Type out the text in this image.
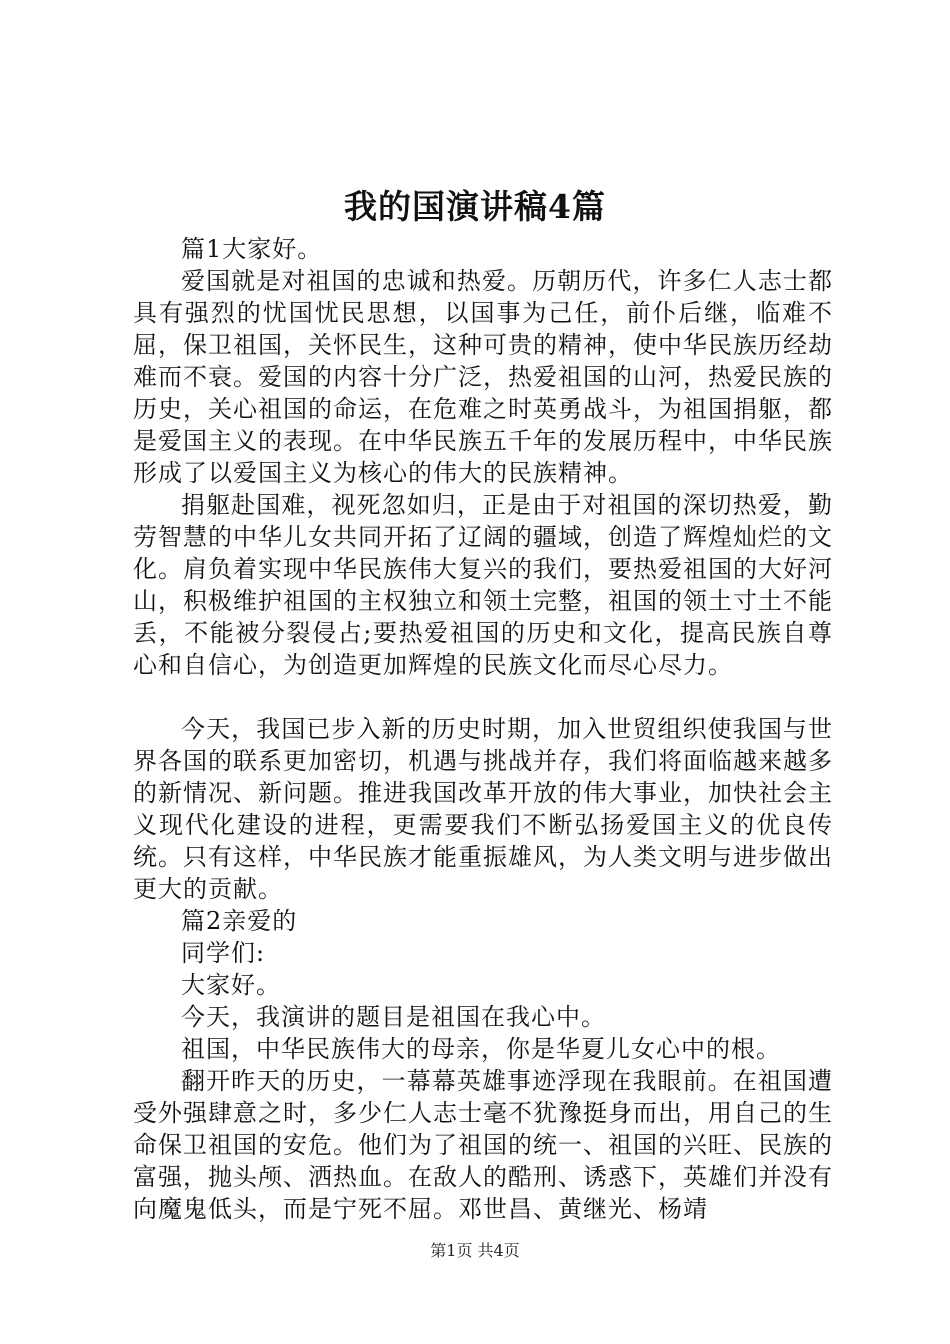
我的国演讲稿4篇

篇1大家好。

爱国就是对祖国的忠诚和热爱。历朝历代，许多仁人志士都具有强烈的忧国忧民思想，以国事为己任，前仆后继，临难不屈，保卫祖国，关怀民生，这种可贵的精神，使中华民族历经劫难而不衰。爱国的内容十分广泛，热爱祖国的山河，热爱民族的历史，关心祖国的命运，在危难之时英勇战斗，为祖国捐躯，都是爱国主义的表现。在中华民族五千年的发展历程中，中华民族形成了以爱国主义为核心的伟大的民族精神。

捐躯赴国难，视死忽如归，正是由于对祖国的深切热爱，勤劳智慧的中华儿女共同开拓了辽阔的疆域，创造了辉煌灿烂的文化。肩负着实现中华民族伟大复兴的我们，要热爱祖国的大好河山，积极维护祖国的主权独立和领土完整，祖国的领土寸土不能丢，不能被分裂侵占;要热爱祖国的历史和文化，提高民族自尊心和自信心，为创造更加辉煌的民族文化而尽心尽力。

今天，我国已步入新的历史时期，加入世贸组织使我国与世界各国的联系更加密切，机遇与挑战并存，我们将面临越来越多的新情况、新问题。推进我国改革开放的伟大事业，加快社会主义现代化建设的进程，更需要我们不断弘扬爱国主义的优良传统。只有这样，中华民族才能重振雄风，为人类文明与进步做出更大的贡献。

篇2亲爱的

同学们:

大家好。

今天，我演讲的题目是祖国在我心中。

祖国，中华民族伟大的母亲，你是华夏儿女心中的根。

翻开昨天的历史，一幕幕英雄事迹浮现在我眼前。在祖国遭受外强肆意之时，多少仁人志士毫不犹豫挺身而出，用自己的生命保卫祖国的安危。他们为了祖国的统一、祖国的兴旺、民族的富强，抛头颅、洒热血。在敌人的酷刑、诱惑下，英雄们并没有向魔鬼低头，而是宁死不屈。邓世昌、黄继光、杨靖

第1页 共4页
